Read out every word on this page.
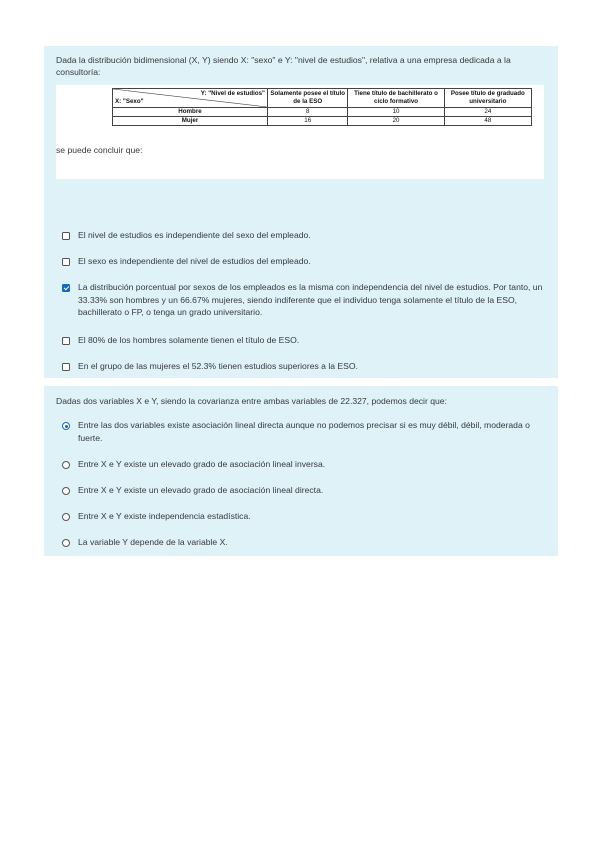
Dada la distribución bidimensional (X, Y) siendo X: "sexo" e Y: "nivel de estudios", relativa a una empresa dedicada a la consultoría:
Y: "Nivel de estudios"
X: "Sexo"	Solamente posee el título de la ESO	Tiene título de bachillerato o ciclo formativo	Posee título de graduado universitario
Hombre	8	10	24
Mujer	16	20	48
se puede concluir que:
El nivel de estudios es independiente del sexo del empleado.
El sexo es independiente del nivel de estudios del empleado.
La distribución porcentual por sexos de los empleados es la misma con independencia del nivel de estudios. Por tanto, un 33.33% son hombres y un 66.67% mujeres, siendo indiferente que el individuo tenga solamente el título de la ESO, bachillerato o FP, o tenga un grado universitario.
El 80% de los hombres solamente tienen el título de ESO.
En el grupo de las mujeres el 52.3% tienen estudios superiores a la ESO.
Dadas dos variables X e Y, siendo la covarianza entre ambas variables de 22.327, podemos decir que:
Entre las dos variables existe asociación lineal directa aunque no podemos precisar si es muy débil, débil, moderada o fuerte.
Entre X e Y existe un elevado grado de asociación lineal inversa.
Entre X e Y existe un elevado grado de asociación lineal directa.
Entre X e Y existe independencia estadística.
La variable Y depende de la variable X.
